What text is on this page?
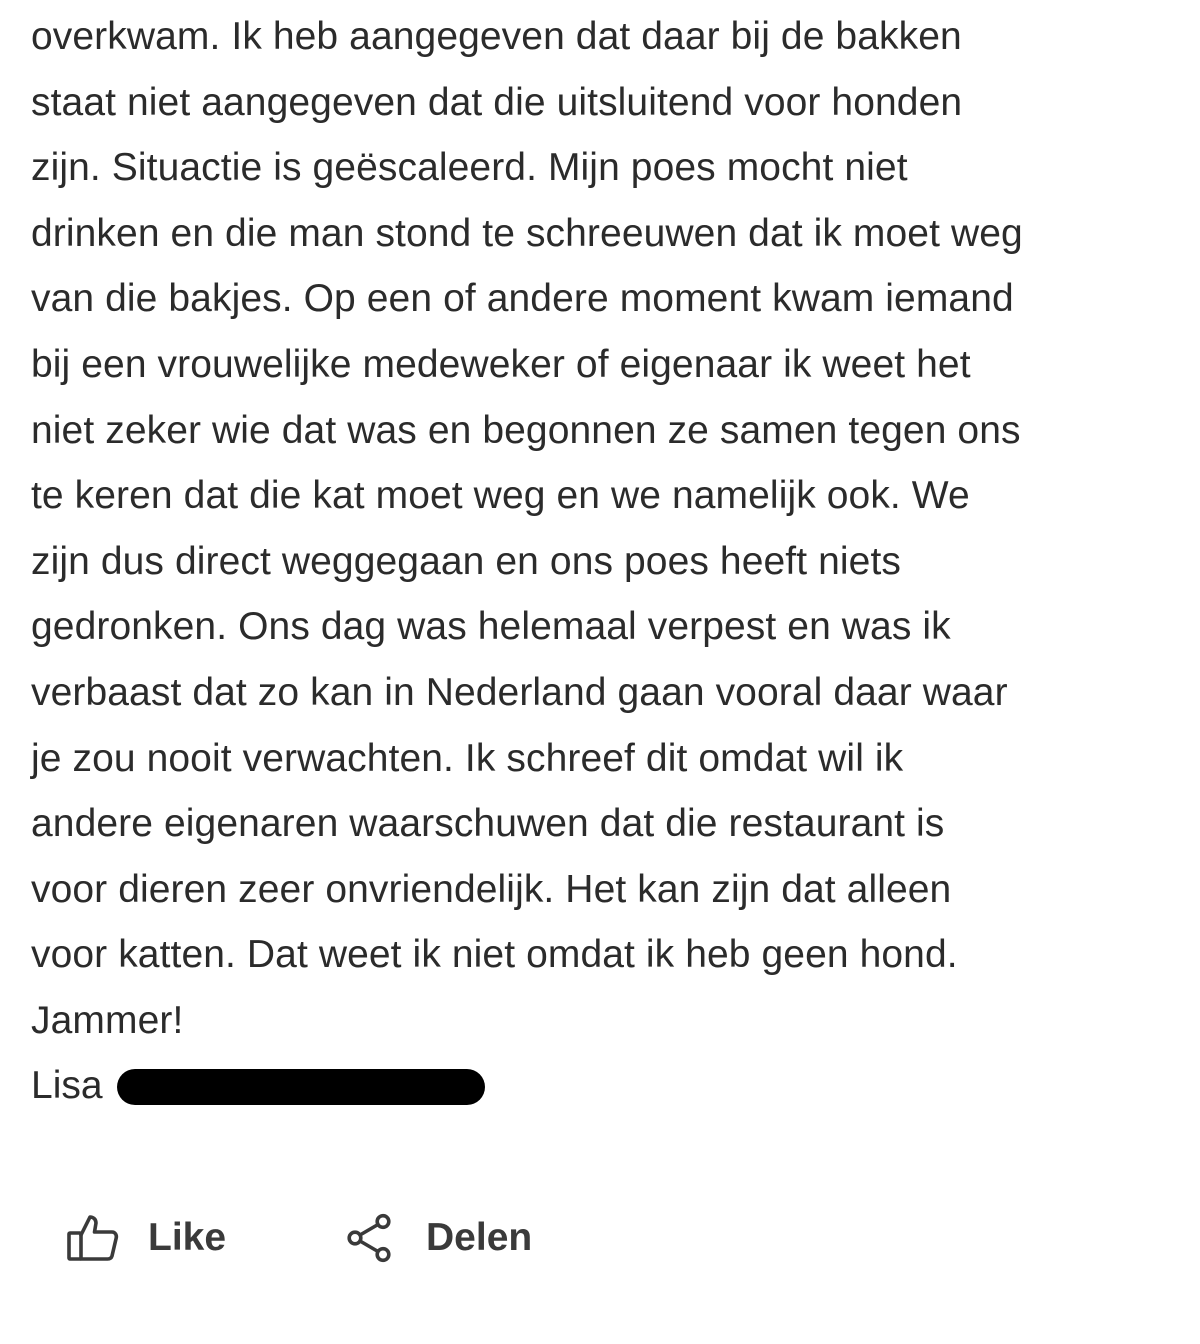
overkwam. Ik heb aangegeven dat daar bij de bakken
staat niet aangegeven dat die uitsluitend voor honden
zijn. Situactie is geëscaleerd. Mijn poes mocht niet
drinken en die man stond te schreeuwen dat ik moet weg
van die bakjes. Op een of andere moment kwam iemand
bij een vrouwelijke medeweker of eigenaar ik weet het
niet zeker wie dat was en begonnen ze samen tegen ons
te keren dat die kat moet weg en we namelijk ook. We
zijn dus direct weggegaan en ons poes heeft niets
gedronken. Ons dag was helemaal verpest en was ik
verbaast dat zo kan in Nederland gaan vooral daar waar
je zou nooit verwachten. Ik schreef dit omdat wil ik
andere eigenaren waarschuwen dat die restaurant is
voor dieren zeer onvriendelijk. Het kan zijn dat alleen
voor katten. Dat weet ik niet omdat ik heb geen hond.
Jammer!
Lisa
Like	Delen
